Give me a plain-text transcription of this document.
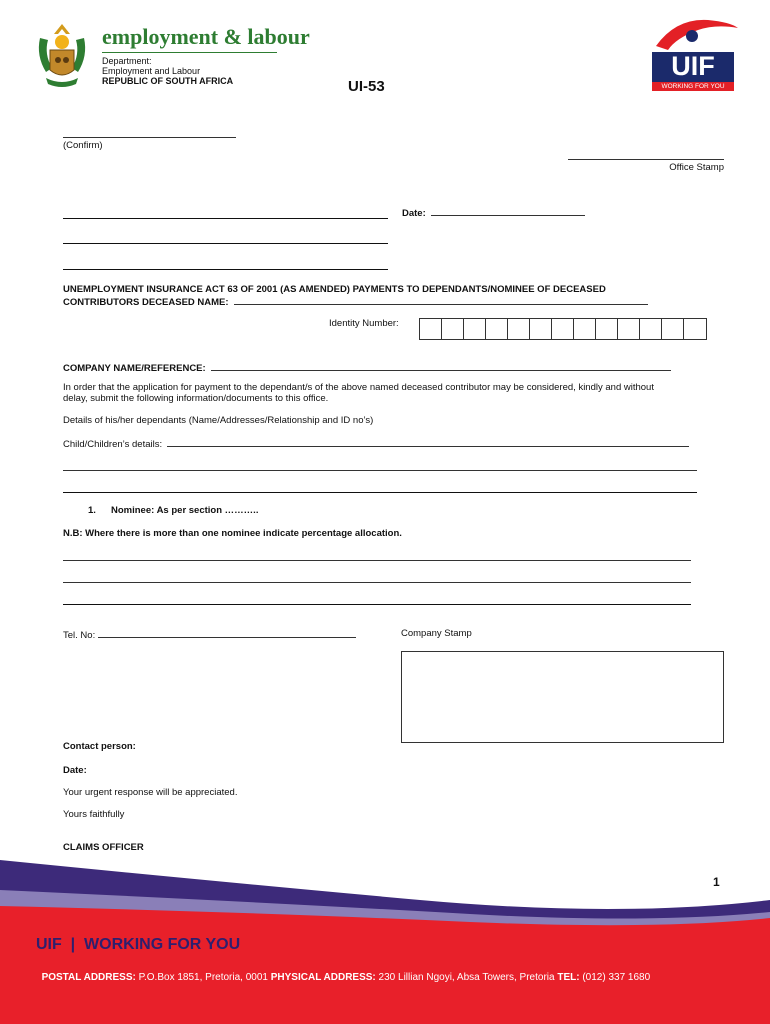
employment & labour
Department:
Employment and Labour
REPUBLIC OF SOUTH AFRICA	UI-53
UIF
WORKING FOR YOU
(Confirm)
Office Stamp
Date:
UNEMPLOYMENT INSURANCE ACT 63 OF 2001 (AS AMENDED) PAYMENTS TO DEPENDANTS/NOMINEE OF DECEASED
CONTRIBUTORS DECEASED NAME:
Identity Number:
COMPANY NAME/REFERENCE:
In order that the application for payment to the dependant/s of the above named deceased contributor may be considered, kindly and without
delay, submit the following information/documents to this office.
Details of his/her dependants (Name/Addresses/Relationship and ID no’s)
Child/Children’s details:
1. Nominee: As per section ………..
N.B: Where there is more than one nominee indicate percentage allocation.
Tel. No:	Company Stamp
Contact person:
Date:
Your urgent response will be appreciated.
Yours faithfully
CLAIMS OFFICER
1
UIF  |  WORKING FOR YOU

POSTAL ADDRESS: P.O.Box 1851, Pretoria, 0001 PHYSICAL ADDRESS: 230 Lillian Ngoyi, Absa Towers, Pretoria TEL: (012) 337 1680
